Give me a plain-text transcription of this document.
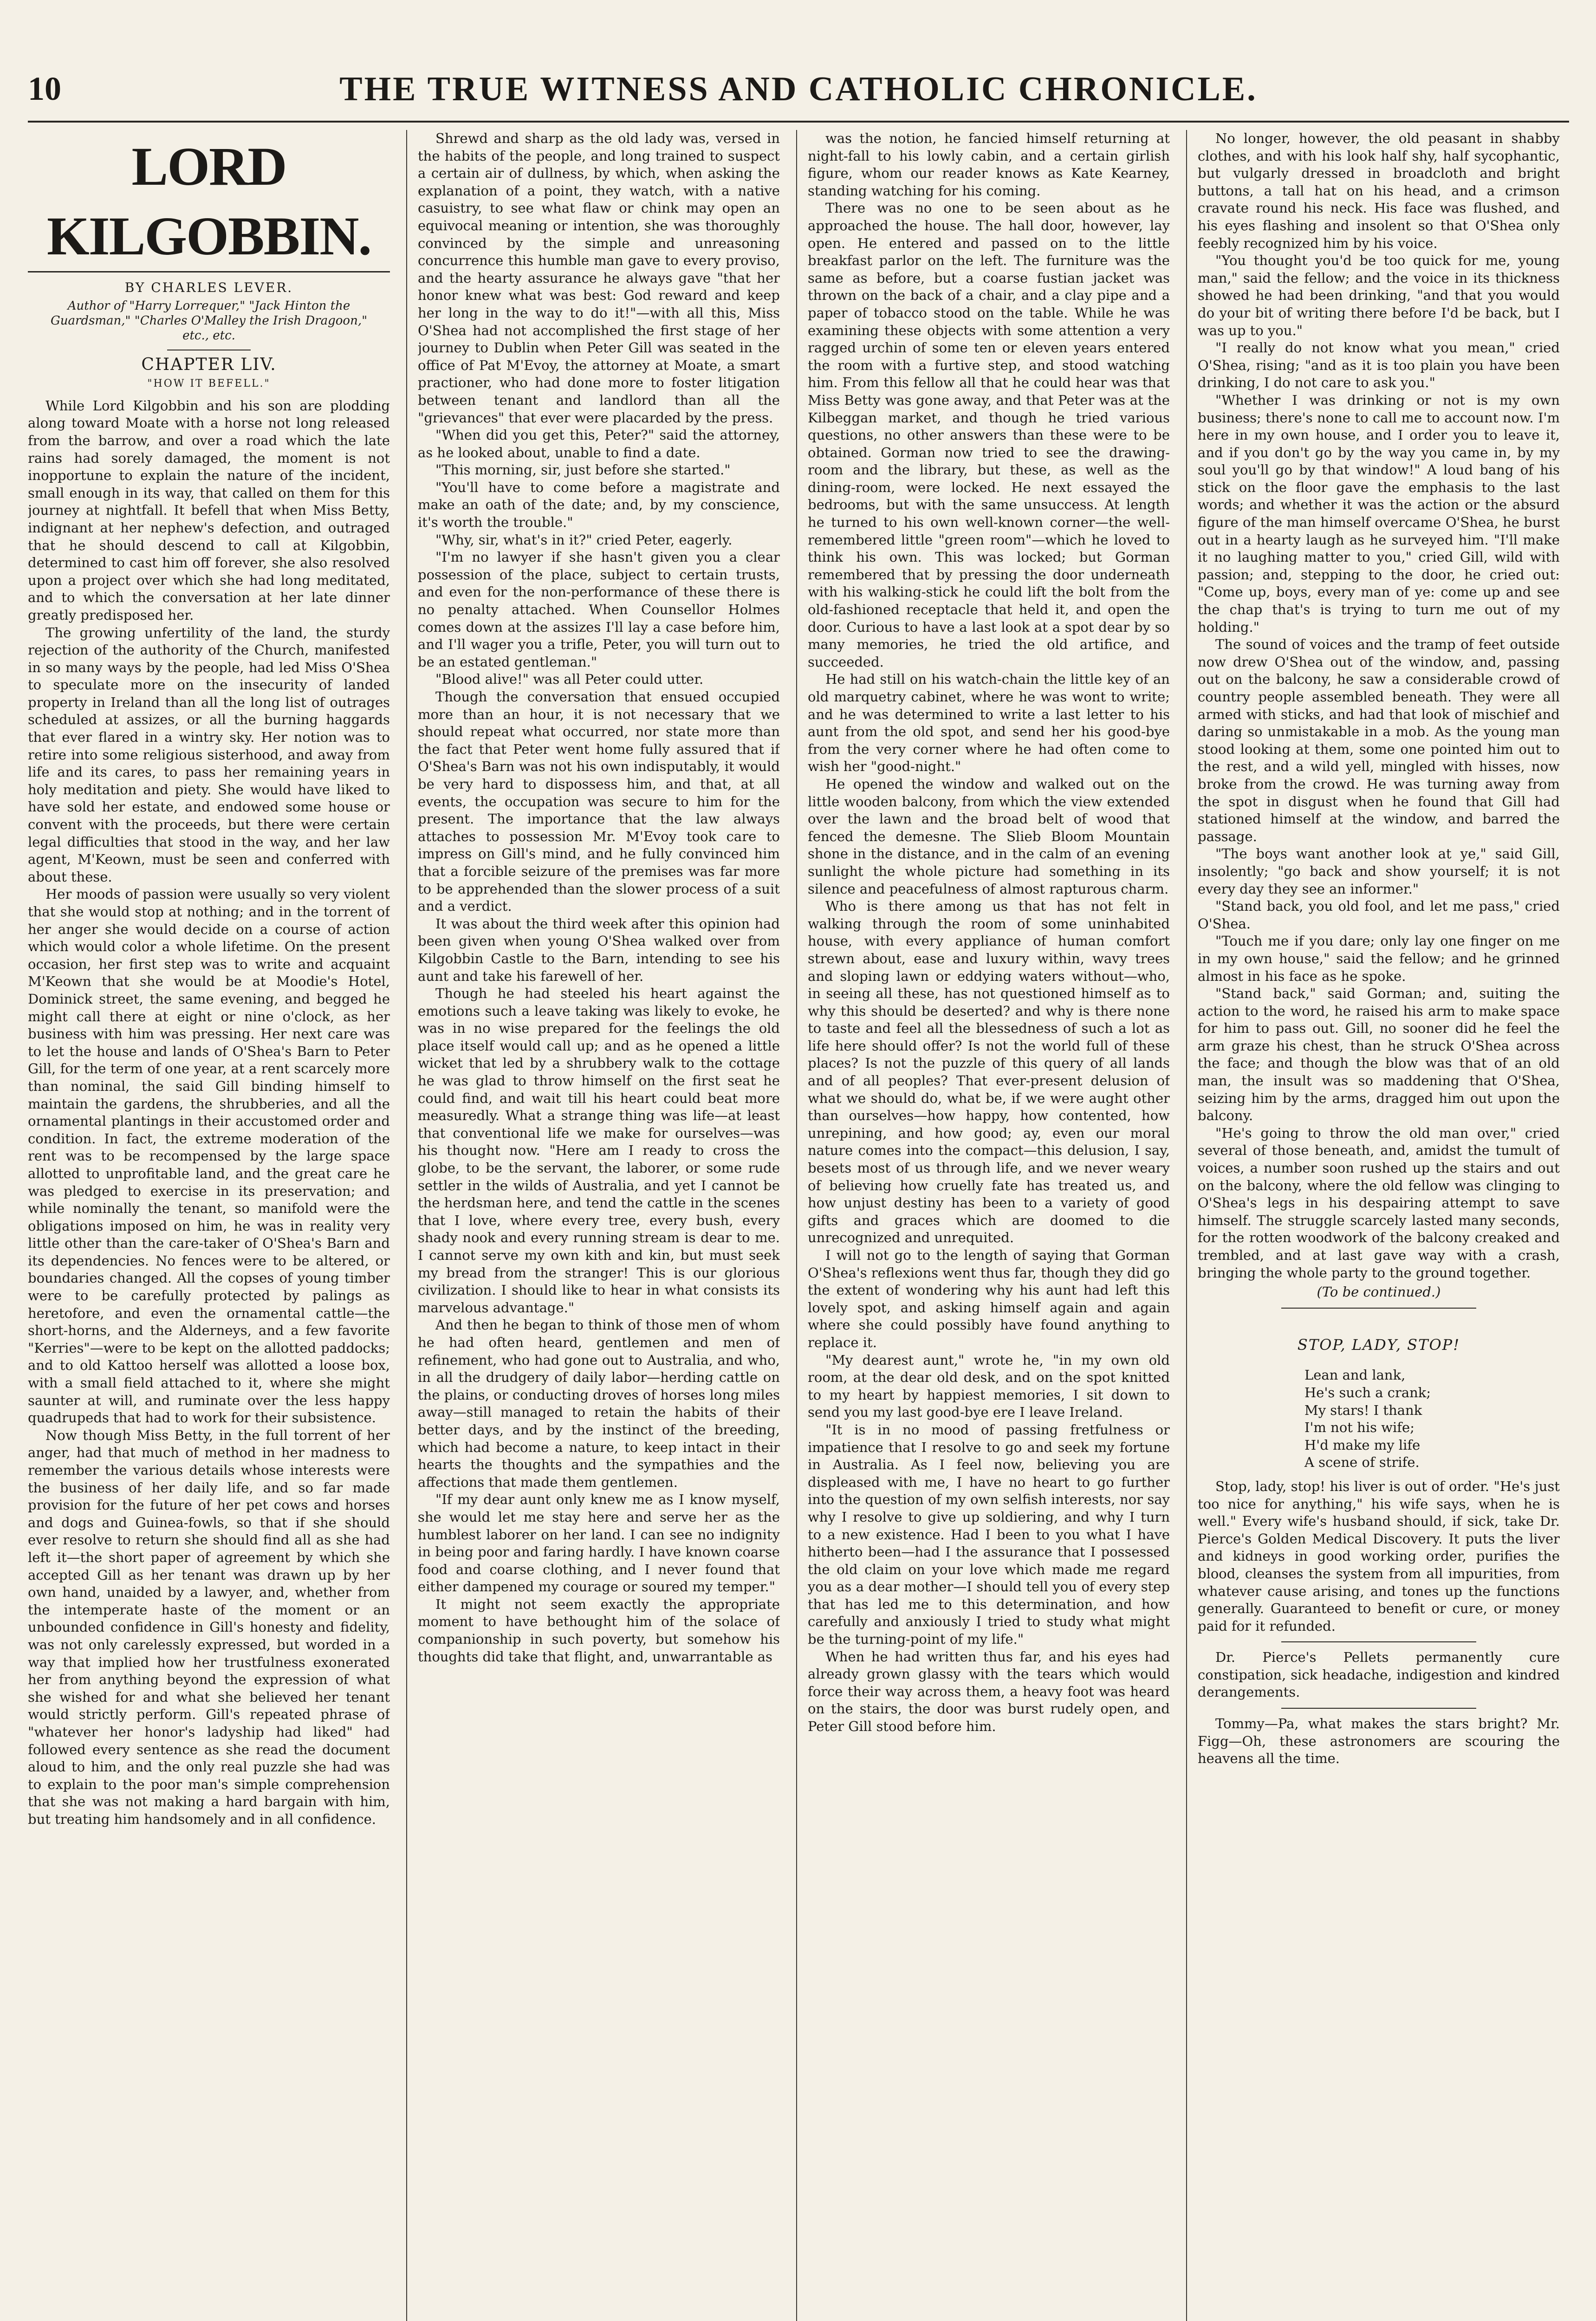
10	THE TRUE WITNESS AND CATHOLIC CHRONICLE.
LORD KILGOBBIN.
BY CHARLES LEVER.
Author of "Harry Lorrequer," "Jack Hinton the Guardsman," "Charles O'Malley the Irish Dragoon," etc., etc.
CHAPTER LIV.
"HOW IT BEFELL."

While Lord Kilgobbin and his son are plodding along toward Moate with a horse not long released from the barrow, and over a road which the late rains had sorely damaged, the moment is not inopportune to explain the nature of the incident, small enough in its way, that called on them for this journey at nightfall. It befell that when Miss Betty, indignant at her nephew's defection, and outraged that he should descend to call at Kilgobbin, determined to cast him off forever, she also resolved upon a project over which she had long meditated, and to which the conversation at her late dinner greatly predisposed her.

The growing unfertility of the land, the sturdy rejection of the authority of the Church, manifested in so many ways by the people, had led Miss O'Shea to speculate more on the insecurity of landed property in Ireland than all the long list of outrages scheduled at assizes, or all the burning haggards that ever flared in a wintry sky. Her notion was to retire into some religious sisterhood, and away from life and its cares, to pass her remaining years in holy meditation and piety. She would have liked to have sold her estate, and endowed some house or convent with the proceeds, but there were certain legal difficulties that stood in the way, and her law agent, M'Keown, must be seen and conferred with about these.

Her moods of passion were usually so very violent that she would stop at nothing; and in the torrent of her anger she would decide on a course of action which would color a whole lifetime. On the present occasion, her first step was to write and acquaint M'Keown that she would be at Moodie's Hotel, Dominick street, the same evening, and begged he might call there at eight or nine o'clock, as her business with him was pressing. Her next care was to let the house and lands of O'Shea's Barn to Peter Gill, for the term of one year, at a rent scarcely more than nominal, the said Gill binding himself to maintain the gardens, the shrubberies, and all the ornamental plantings in their accustomed order and condition. In fact, the extreme moderation of the rent was to be recompensed by the large space allotted to unprofitable land, and the great care he was pledged to exercise in its preservation; and while nominally the tenant, so manifold were the obligations imposed on him, he was in reality very little other than the care-taker of O'Shea's Barn and its dependencies. No fences were to be altered, or boundaries changed. All the copses of young timber were to be carefully protected by palings as heretofore, and even the ornamental cattle—the short-horns, and the Alderneys, and a few favorite "Kerries"—were to be kept on the allotted paddocks; and to old Kattoo herself was allotted a loose box, with a small field attached to it, where she might saunter at will, and ruminate over the less happy quadrupeds that had to work for their subsistence.

Now though Miss Betty, in the full torrent of her anger, had that much of method in her madness to remember the various details whose interests were the business of her daily life, and so far made provision for the future of her pet cows and horses and dogs and Guinea-fowls, so that if she should ever resolve to return she should find all as she had left it—the short paper of agreement by which she accepted Gill as her tenant was drawn up by her own hand, unaided by a lawyer, and, whether from the intemperate haste of the moment or an unbounded confidence in Gill's honesty and fidelity, was not only carelessly expressed, but worded in a way that implied how her trustfulness exonerated her from anything beyond the expression of what she wished for and what she believed her tenant would strictly perform. Gill's repeated phrase of "whatever her honor's ladyship had liked" had followed every sentence as she read the document aloud to him, and the only real puzzle she had was to explain to the poor man's simple comprehension that she was not making a hard bargain with him, but treating him handsomely and in all confidence.

Shrewd and sharp as the old lady was, versed in the habits of the people, and long trained to suspect a certain air of dullness, by which, when asking the explanation of a point, they watch, with a native casuistry, to see what flaw or chink may open an equivocal meaning or intention, she was thoroughly convinced by the simple and unreasoning concurrence this humble man gave to every proviso, and the hearty assurance he always gave "that her honor knew what was best: God reward and keep her long in the way to do it!"—with all this, Miss O'Shea had not accomplished the first stage of her journey to Dublin when Peter Gill was seated in the office of Pat M'Evoy, the attorney at Moate, a smart practioner, who had done more to foster litigation between tenant and landlord than all the "grievances" that ever were placarded by the press.

"When did you get this, Peter?" said the attorney, as he looked about, unable to find a date.

"This morning, sir, just before she started."

"You'll have to come before a magistrate and make an oath of the date; and, by my conscience, it's worth the trouble."

"Why, sir, what's in it?" cried Peter, eagerly.

"I'm no lawyer if she hasn't given you a clear possession of the place, subject to certain trusts, and even for the non-performance of these there is no penalty attached. When Counsellor Holmes comes down at the assizes I'll lay a case before him, and I'll wager you a trifle, Peter, you will turn out to be an estated gentleman."

"Blood alive!" was all Peter could utter.

Though the conversation that ensued occupied more than an hour, it is not necessary that we should repeat what occurred, nor state more than the fact that Peter went home fully assured that if O'Shea's Barn was not his own indisputably, it would be very hard to dispossess him, and that, at all events, the occupation was secure to him for the present. The importance that the law always attaches to possession Mr. M'Evoy took care to impress on Gill's mind, and he fully convinced him that a forcible seizure of the premises was far more to be apprehended than the slower process of a suit and a verdict.

It was about the third week after this opinion had been given when young O'Shea walked over from Kilgobbin Castle to the Barn, intending to see his aunt and take his farewell of her.

Though he had steeled his heart against the emotions such a leave taking was likely to evoke, he was in no wise prepared for the feelings the old place itself would call up; and as he opened a little wicket that led by a shrubbery walk to the cottage he was glad to throw himself on the first seat he could find, and wait till his heart could beat more measuredly. What a strange thing was life—at least that conventional life we make for ourselves—was his thought now. "Here am I ready to cross the globe, to be the servant, the laborer, or some rude settler in the wilds of Australia, and yet I cannot be the herdsman here, and tend the cattle in the scenes that I love, where every tree, every bush, every shady nook and every running stream is dear to me. I cannot serve my own kith and kin, but must seek my bread from the stranger! This is our glorious civilization. I should like to hear in what consists its marvelous advantage."

And then he began to think of those men of whom he had often heard, gentlemen and men of refinement, who had gone out to Australia, and who, in all the drudgery of daily labor—herding cattle on the plains, or conducting droves of horses long miles away—still managed to retain the habits of their better days, and by the instinct of the breeding, which had become a nature, to keep intact in their hearts the thoughts and the sympathies and the affections that made them gentlemen.

"If my dear aunt only knew me as I know myself, she would let me stay here and serve her as the humblest laborer on her land. I can see no indignity in being poor and faring hardly. I have known coarse food and coarse clothing, and I never found that either dampened my courage or soured my temper."

It might not seem exactly the appropriate moment to have bethought him of the solace of companionship in such poverty, but somehow his thoughts did take that flight, and, unwarrantable as

was the notion, he fancied himself returning at night-fall to his lowly cabin, and a certain girlish figure, whom our reader knows as Kate Kearney, standing watching for his coming.

There was no one to be seen about as he approached the house. The hall door, however, lay open. He entered and passed on to the little breakfast parlor on the left. The furniture was the same as before, but a coarse fustian jacket was thrown on the back of a chair, and a clay pipe and a paper of tobacco stood on the table. While he was examining these objects with some attention a very ragged urchin of some ten or eleven years entered the room with a furtive step, and stood watching him. From this fellow all that he could hear was that Miss Betty was gone away, and that Peter was at the Kilbeggan market, and though he tried various questions, no other answers than these were to be obtained. Gorman now tried to see the drawing-room and the library, but these, as well as the dining-room, were locked. He next essayed the bedrooms, but with the same unsuccess. At length he turned to his own well-known corner—the well-remembered little "green room"—which he loved to think his own. This was locked; but Gorman remembered that by pressing the door underneath with his walking-stick he could lift the bolt from the old-fashioned receptacle that held it, and open the door. Curious to have a last look at a spot dear by so many memories, he tried the old artifice, and succeeded.

He had still on his watch-chain the little key of an old marquetry cabinet, where he was wont to write; and he was determined to write a last letter to his aunt from the old spot, and send her his good-bye from the very corner where he had often come to wish her "good-night."

He opened the window and walked out on the little wooden balcony, from which the view extended over the lawn and the broad belt of wood that fenced the demesne. The Slieb Bloom Mountain shone in the distance, and in the calm of an evening sunlight the whole picture had something in its silence and peacefulness of almost rapturous charm.

Who is there among us that has not felt in walking through the room of some uninhabited house, with every appliance of human comfort strewn about, ease and luxury within, wavy trees and sloping lawn or eddying waters without—who, in seeing all these, has not questioned himself as to why this should be deserted? and why is there none to taste and feel all the blessedness of such a lot as life here should offer? Is not the world full of these places? Is not the puzzle of this query of all lands and of all peoples? That ever-present delusion of what we should do, what be, if we were aught other than ourselves—how happy, how contented, how unrepining, and how good; ay, even our moral nature comes into the compact—this delusion, I say, besets most of us through life, and we never weary of believing how cruelly fate has treated us, and how unjust destiny has been to a variety of good gifts and graces which are doomed to die unrecognized and unrequited.

I will not go to the length of saying that Gorman O'Shea's reflexions went thus far, though they did go the extent of wondering why his aunt had left this lovely spot, and asking himself again and again where she could possibly have found anything to replace it.

"My dearest aunt," wrote he, "in my own old room, at the dear old desk, and on the spot knitted to my heart by happiest memories, I sit down to send you my last good-bye ere I leave Ireland.

"It is in no mood of passing fretfulness or impatience that I resolve to go and seek my fortune in Australia. As I feel now, believing you are displeased with me, I have no heart to go further into the question of my own selfish interests, nor say why I resolve to give up soldiering, and why I turn to a new existence. Had I been to you what I have hitherto been—had I the assurance that I possessed the old claim on your love which made me regard you as a dear mother—I should tell you of every step that has led me to this determination, and how carefully and anxiously I tried to study what might be the turning-point of my life."

When he had written thus far, and his eyes had already grown glassy with the tears which would force their way across them, a heavy foot was heard on the stairs, the door was burst rudely open, and Peter Gill stood before him.

No longer, however, the old peasant in shabby clothes, and with his look half shy, half sycophantic, but vulgarly dressed in broadcloth and bright buttons, a tall hat on his head, and a crimson cravate round his neck. His face was flushed, and his eyes flashing and insolent so that O'Shea only feebly recognized him by his voice.

"You thought you'd be too quick for me, young man," said the fellow; and the voice in its thickness showed he had been drinking, "and that you would do your bit of writing there before I'd be back, but I was up to you."

"I really do not know what you mean," cried O'Shea, rising; "and as it is too plain you have been drinking, I do not care to ask you."

"Whether I was drinking or not is my own business; there's none to call me to account now. I'm here in my own house, and I order you to leave it, and if you don't go by the way you came in, by my soul you'll go by that window!" A loud bang of his stick on the floor gave the emphasis to the last words; and whether it was the action or the absurd figure of the man himself overcame O'Shea, he burst out in a hearty laugh as he surveyed him. "I'll make it no laughing matter to you," cried Gill, wild with passion; and, stepping to the door, he cried out: "Come up, boys, every man of ye: come up and see the chap that's is trying to turn me out of my holding."

The sound of voices and the tramp of feet outside now drew O'Shea out of the window, and, passing out on the balcony, he saw a considerable crowd of country people assembled beneath. They were all armed with sticks, and had that look of mischief and daring so unmistakable in a mob. As the young man stood looking at them, some one pointed him out to the rest, and a wild yell, mingled with hisses, now broke from the crowd. He was turning away from the spot in disgust when he found that Gill had stationed himself at the window, and barred the passage.

"The boys want another look at ye," said Gill, insolently; "go back and show yourself; it is not every day they see an informer."

"Stand back, you old fool, and let me pass," cried O'Shea.

"Touch me if you dare; only lay one finger on me in my own house," said the fellow; and he grinned almost in his face as he spoke.

"Stand back," said Gorman; and, suiting the action to the word, he raised his arm to make space for him to pass out. Gill, no sooner did he feel the arm graze his chest, than he struck O'Shea across the face; and though the blow was that of an old man, the insult was so maddening that O'Shea, seizing him by the arms, dragged him out upon the balcony.

"He's going to throw the old man over," cried several of those beneath, and, amidst the tumult of voices, a number soon rushed up the stairs and out on the balcony, where the old fellow was clinging to O'Shea's legs in his despairing attempt to save himself. The struggle scarcely lasted many seconds, for the rotten woodwork of the balcony creaked and trembled, and at last gave way with a crash, bringing the whole party to the ground together.

(To be continued.)
STOP, LADY, STOP!
Lean and lank,
He's such a crank;
My stars! I thank
I'm not his wife;
H'd make my life
A scene of strife.

Stop, lady, stop! his liver is out of order. "He's just too nice for anything," his wife says, when he is well." Every wife's husband should, if sick, take Dr. Pierce's Golden Medical Discovery. It puts the liver and kidneys in good working order, purifies the blood, cleanses the system from all impurities, from whatever cause arising, and tones up the functions generally. Guaranteed to benefit or cure, or money paid for it refunded.

Dr. Pierce's Pellets permanently cure constipation, sick headache, indigestion and kindred derangements.

Tommy—Pa, what makes the stars bright? Mr. Figg—Oh, these astronomers are scouring the heavens all the time.
